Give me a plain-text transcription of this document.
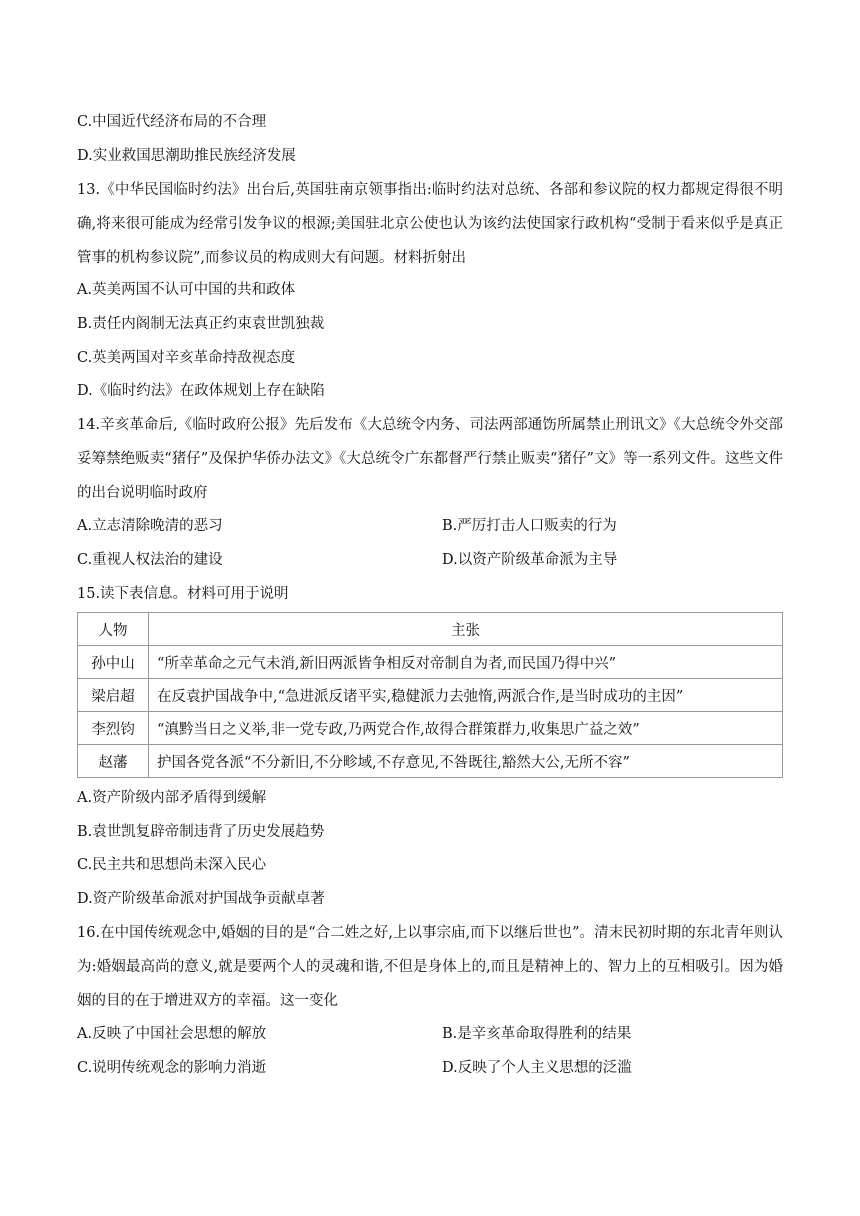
C.中国近代经济布局的不合理
D.实业救国思潮助推民族经济发展
13.《中华民国临时约法》出台后,英国驻南京领事指出:临时约法对总统、各部和参议院的权力都规定得很不明确,将来很可能成为经常引发争议的根源;美国驻北京公使也认为该约法使国家行政机构“受制于看来似乎是真正管事的机构参议院”,而参议员的构成则大有问题。材料折射出
A.英美两国不认可中国的共和政体
B.责任内阁制无法真正约束袁世凯独裁
C.英美两国对辛亥革命持敌视态度
D.《临时约法》在政体规划上存在缺陷
14.辛亥革命后,《临时政府公报》先后发布《大总统令内务、司法两部通饬所属禁止刑讯文》《大总统令外交部妥筹禁绝贩卖“猪仔”及保护华侨办法文》《大总统令广东都督严行禁止贩卖“猪仔”文》等一系列文件。这些文件的出台说明临时政府
A.立志清除晚清的恶习	B.严厉打击人口贩卖的行为
C.重视人权法治的建设	D.以资产阶级革命派为主导
15.读下表信息。材料可用于说明
人物	主张
孙中山	“所幸革命之元气未消,新旧两派皆争相反对帝制自为者,而民国乃得中兴”
梁启超	在反袁护国战争中,“急进派反诸平实,稳健派力去弛惰,两派合作,是当时成功的主因”
李烈钧	“滇黔当日之义举,非一党专政,乃两党合作,故得合群策群力,收集思广益之效”
赵藩	护国各党各派“不分新旧,不分畛域,不存意见,不咎既往,豁然大公,无所不容”
A.资产阶级内部矛盾得到缓解
B.袁世凯复辟帝制违背了历史发展趋势
C.民主共和思想尚未深入民心
D.资产阶级革命派对护国战争贡献卓著
16.在中国传统观念中,婚姻的目的是“合二姓之好,上以事宗庙,而下以继后世也”。清末民初时期的东北青年则认为:婚姻最高尚的意义,就是要两个人的灵魂和谐,不但是身体上的,而且是精神上的、智力上的互相吸引。因为婚姻的目的在于增进双方的幸福。这一变化
A.反映了中国社会思想的解放	B.是辛亥革命取得胜利的结果
C.说明传统观念的影响力消逝	D.反映了个人主义思想的泛滥
